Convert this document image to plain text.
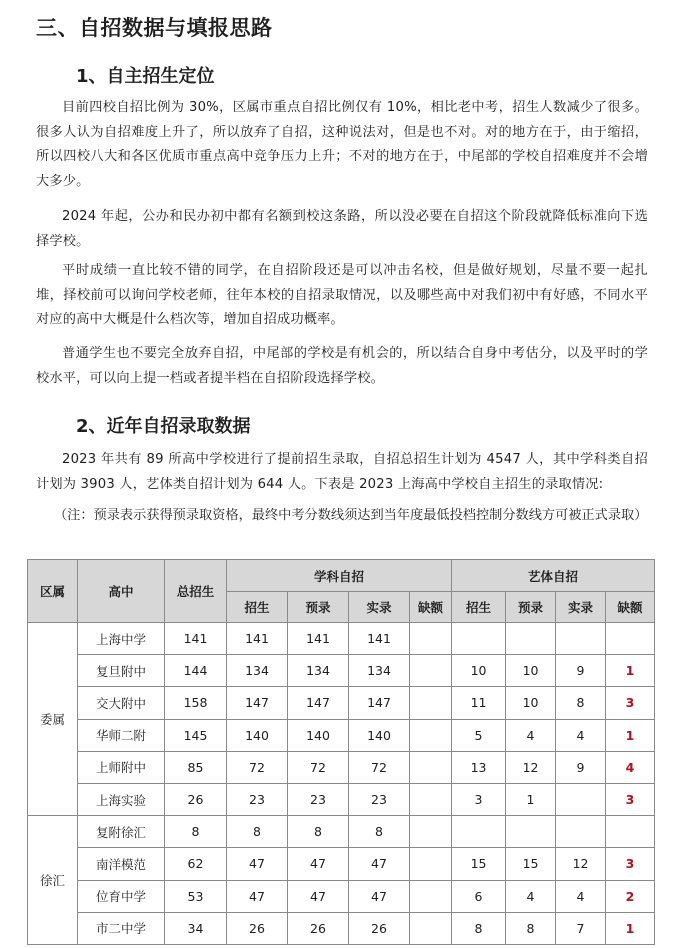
三、自招数据与填报思路
1、自主招生定位

目前四校自招比例为 30%，区属市重点自招比例仅有 10%，相比老中考，招生人数减少了很多。很多人认为自招难度上升了，所以放弃了自招，这种说法对，但是也不对。对的地方在于，由于缩招，所以四校八大和各区优质市重点高中竞争压力上升；不对的地方在于，中尾部的学校自招难度并不会增大多少。

2024 年起，公办和民办初中都有名额到校这条路，所以没必要在自招这个阶段就降低标准向下选择学校。

平时成绩一直比较不错的同学，在自招阶段还是可以冲击名校，但是做好规划，尽量不要一起扎堆，择校前可以询问学校老师，往年本校的自招录取情况，以及哪些高中对我们初中有好感，不同水平对应的高中大概是什么档次等，增加自招成功概率。

普通学生也不要完全放弃自招，中尾部的学校是有机会的，所以结合自身中考估分，以及平时的学校水平，可以向上提一档或者提半档在自招阶段选择学校。

2、近年自招录取数据

2023 年共有 89 所高中学校进行了提前招生录取，自招总招生计划为 4547 人，其中学科类自招计划为 3903 人，艺体类自招计划为 644 人。下表是 2023 上海高中学校自主招生的录取情况:

（注：预录表示获得预录取资格，最终中考分数线须达到当年度最低投档控制分数线方可被正式录取）

区属	高中	总招生	学科自招				艺体自招			
			招生	预录	实录	缺额	招生	预录	实录	缺额
委属	上海中学	141	141	141	141					
	复旦附中	144	134	134	134		10	10	9	1
	交大附中	158	147	147	147		11	10	8	3
	华师二附	145	140	140	140		5	4	4	1
	上师附中	85	72	72	72		13	12	9	4
	上海实验	26	23	23	23		3	1		3
徐汇	复附徐汇	8	8	8	8					
	南洋模范	62	47	47	47		15	15	12	3
	位育中学	53	47	47	47		6	4	4	2
	市二中学	34	26	26	26		8	8	7	1
